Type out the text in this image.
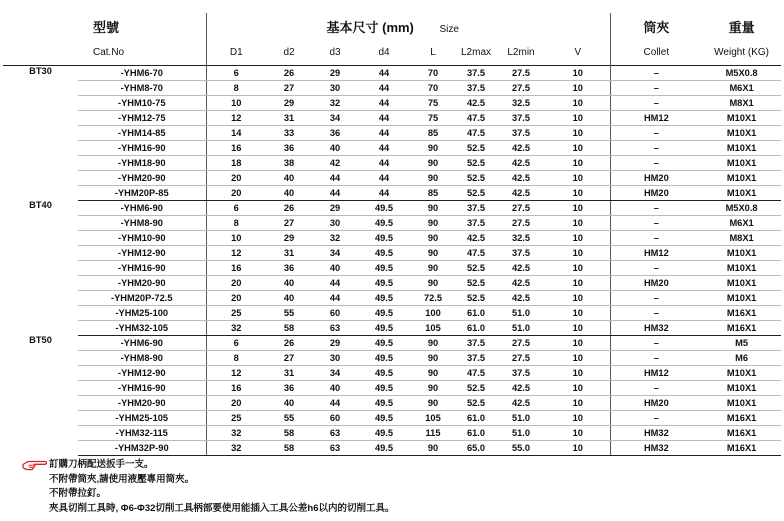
	型號	基本尺寸 (mm) Size								筒夾	重量
	Cat.No	D1	d2	d3	d4	L	L2max	L2min	V	Collet	Weight (KG)
BT30	-YHM6-70	6	26	29	44	70	37.5	27.5	10	–	M5X0.8
	-YHM8-70	8	27	30	44	70	37.5	27.5	10	–	M6X1
	-YHM10-75	10	29	32	44	75	42.5	32.5	10	–	M8X1
	-YHM12-75	12	31	34	44	75	47.5	37.5	10	HM12	M10X1
	-YHM14-85	14	33	36	44	85	47.5	37.5	10	–	M10X1
	-YHM16-90	16	36	40	44	90	52.5	42.5	10	–	M10X1
	-YHM18-90	18	38	42	44	90	52.5	42.5	10	–	M10X1
	-YHM20-90	20	40	44	44	90	52.5	42.5	10	HM20	M10X1
	-YHM20P-85	20	40	44	44	85	52.5	42.5	10	HM20	M10X1
BT40	-YHM6-90	6	26	29	49.5	90	37.5	27.5	10	–	M5X0.8
	-YHM8-90	8	27	30	49.5	90	37.5	27.5	10	–	M6X1
	-YHM10-90	10	29	32	49.5	90	42.5	32.5	10	–	M8X1
	-YHM12-90	12	31	34	49.5	90	47.5	37.5	10	HM12	M10X1
	-YHM16-90	16	36	40	49.5	90	52.5	42.5	10	–	M10X1
	-YHM20-90	20	40	44	49.5	90	52.5	42.5	10	HM20	M10X1
	-YHM20P-72.5	20	40	44	49.5	72.5	52.5	42.5	10	–	M10X1
	-YHM25-100	25	55	60	49.5	100	61.0	51.0	10	–	M16X1
	-YHM32-105	32	58	63	49.5	105	61.0	51.0	10	HM32	M16X1
BT50	-YHM6-90	6	26	29	49.5	90	37.5	27.5	10	–	M5
	-YHM8-90	8	27	30	49.5	90	37.5	27.5	10	–	M6
	-YHM12-90	12	31	34	49.5	90	47.5	37.5	10	HM12	M10X1
	-YHM16-90	16	36	40	49.5	90	52.5	42.5	10	–	M10X1
	-YHM20-90	20	40	44	49.5	90	52.5	42.5	10	HM20	M10X1
	-YHM25-105	25	55	60	49.5	105	61.0	51.0	10	–	M16X1
	-YHM32-115	32	58	63	49.5	115	61.0	51.0	10	HM32	M16X1
	-YHM32P-90	32	58	63	49.5	90	65.0	55.0	10	HM32	M16X1
訂購刀柄配送扳手一支。
不附帶筒夾,請使用液壓專用筒夾。
不附帶拉釘。
夾具切削工具時, Φ6-Φ32切削工具柄部要使用能插入工具公差h6以内的切削工具。
